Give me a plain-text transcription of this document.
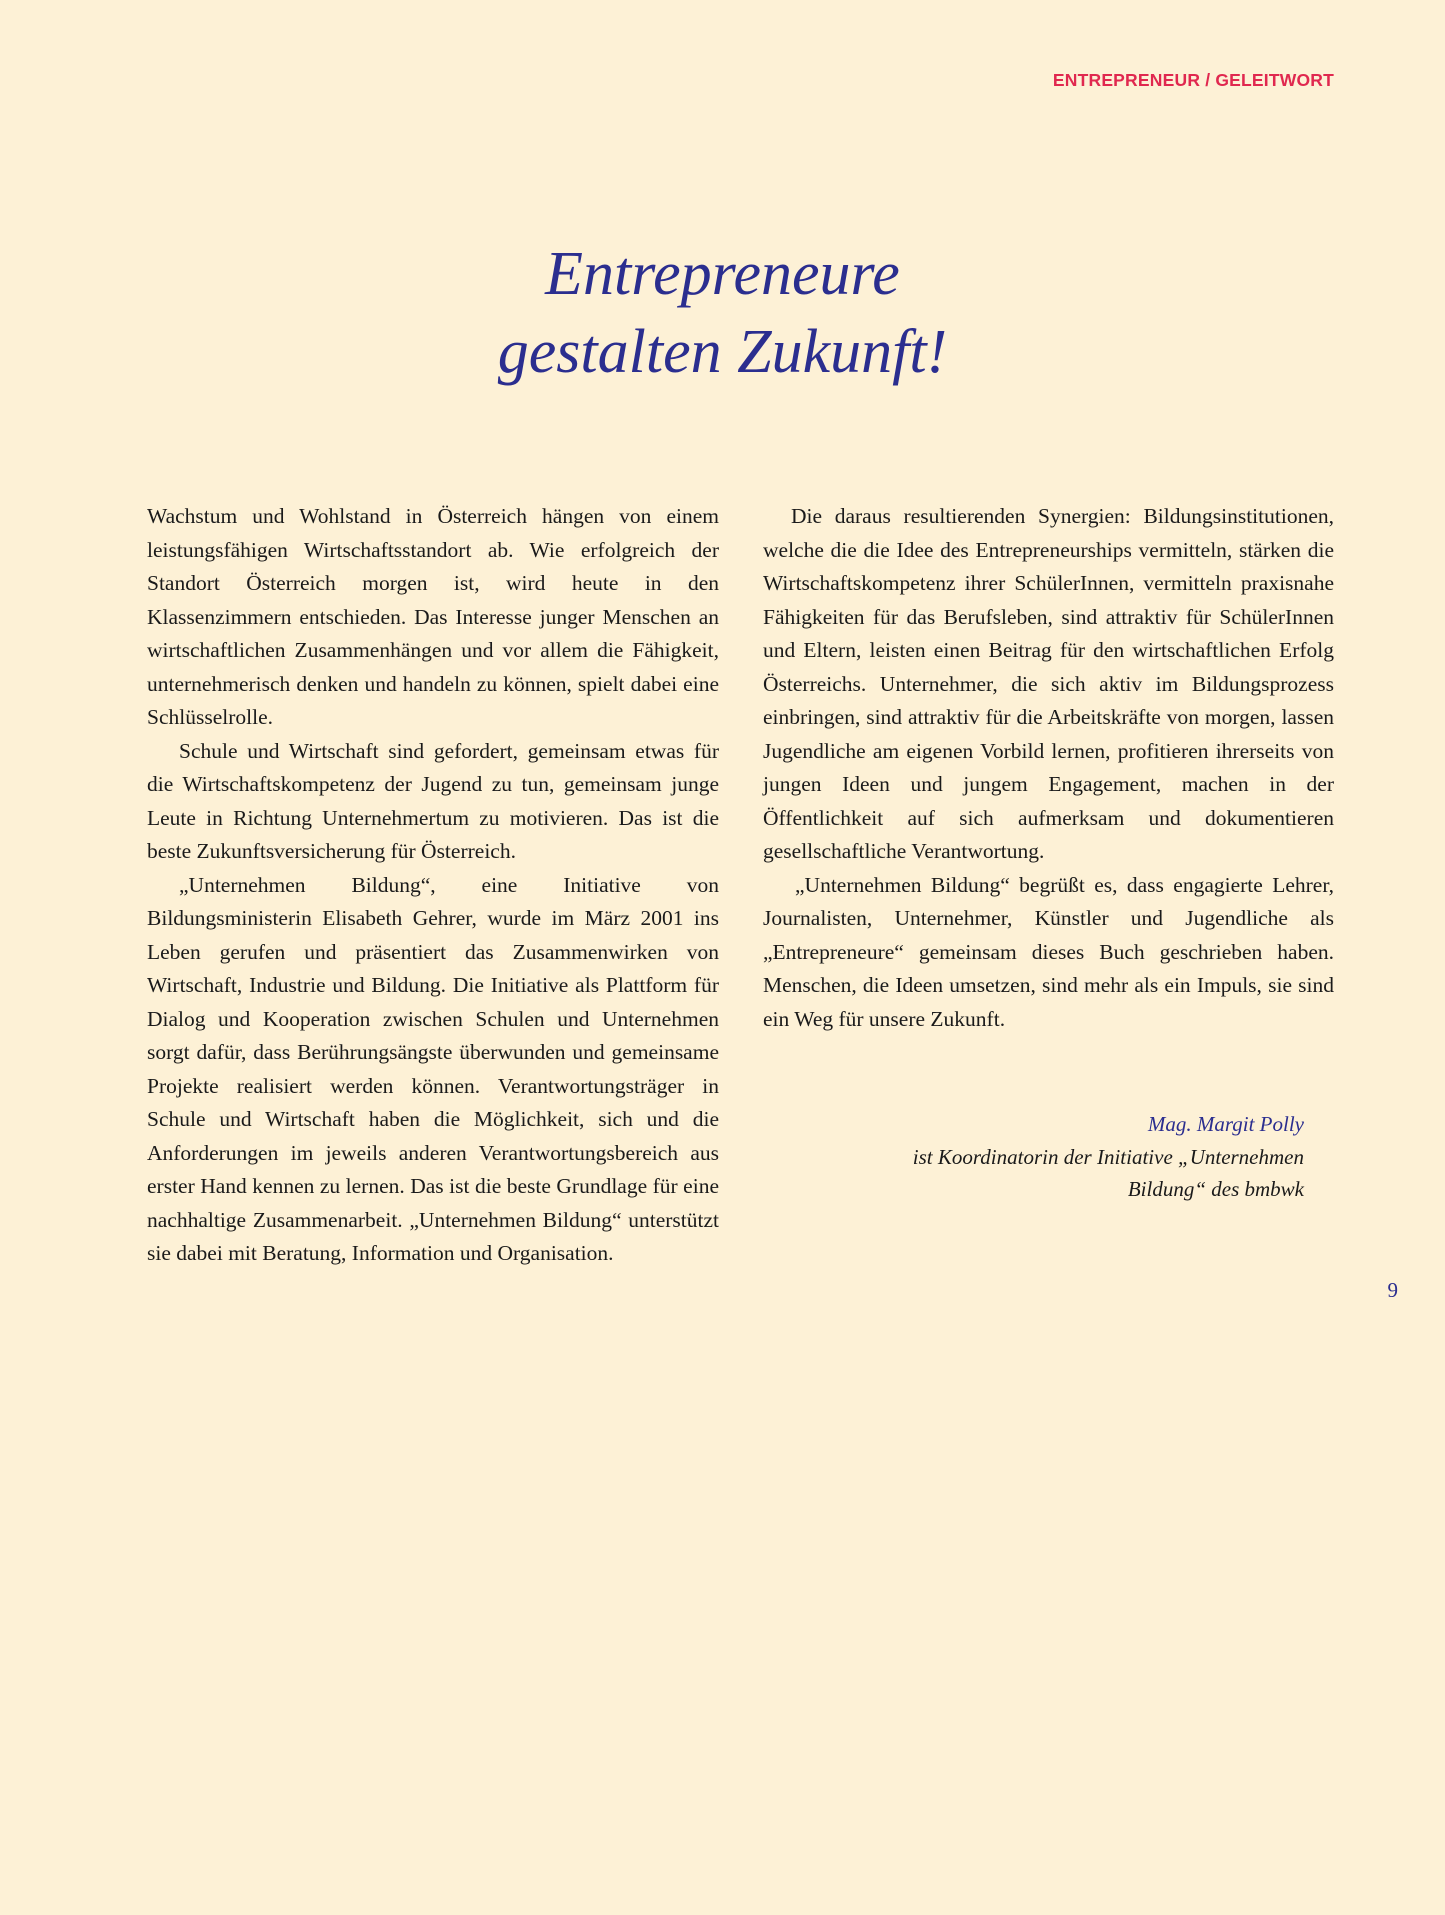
ENTREPRENEUR / GELEITWORT
Entrepreneure
gestalten Zukunft!

Wachstum und Wohlstand in Österreich hängen von einem leistungsfähigen Wirtschaftsstandort ab. Wie erfolgreich der Standort Österreich morgen ist, wird heute in den Klassenzimmern entschieden. Das Interesse junger Menschen an wirtschaftlichen Zusammenhängen und vor allem die Fähigkeit, unternehmerisch denken und handeln zu können, spielt dabei eine Schlüsselrolle.

Schule und Wirtschaft sind gefordert, gemeinsam etwas für die Wirtschaftskompetenz der Jugend zu tun, gemeinsam junge Leute in Richtung Unternehmertum zu motivieren. Das ist die beste Zukunftsversicherung für Österreich.

„Unternehmen Bildung“, eine Initiative von Bildungsministerin Elisabeth Gehrer, wurde im März 2001 ins Leben gerufen und präsentiert das Zusammenwirken von Wirtschaft, Industrie und Bildung. Die Initiative als Plattform für Dialog und Kooperation zwischen Schulen und Unternehmen sorgt dafür, dass Berührungsängste überwunden und gemeinsame Projekte realisiert werden können. Verantwortungsträger in Schule und Wirtschaft haben die Möglichkeit, sich und die Anforderungen im jeweils anderen Verantwortungsbereich aus erster Hand kennen zu lernen. Das ist die beste Grundlage für eine nachhaltige Zusammenarbeit. „Unternehmen Bildung“ unterstützt sie dabei mit Beratung, Information und Organisation.

Die daraus resultierenden Synergien: Bildungsinstitutionen, welche die die Idee des Entrepreneurships vermitteln, stärken die Wirtschaftskompetenz ihrer SchülerInnen, vermitteln praxisnahe Fähigkeiten für das Berufsleben, sind attraktiv für SchülerInnen und Eltern, leisten einen Beitrag für den wirtschaftlichen Erfolg Österreichs. Unternehmer, die sich aktiv im Bildungsprozess einbringen, sind attraktiv für die Arbeitskräfte von morgen, lassen Jugendliche am eigenen Vorbild lernen, profitieren ihrerseits von jungen Ideen und jungem Engagement, machen in der Öffentlichkeit auf sich aufmerksam und dokumentieren gesellschaftliche Verantwortung.

„Unternehmen Bildung“ begrüßt es, dass engagierte Lehrer, Journalisten, Unternehmer, Künstler und Jugendliche als „Entrepreneure“ gemeinsam dieses Buch geschrieben haben. Menschen, die Ideen umsetzen, sind mehr als ein Impuls, sie sind ein Weg für unsere Zukunft.

Mag. Margit Polly
ist Koordinatorin der Initiative „Unternehmen
Bildung“ des bmbwk
9
